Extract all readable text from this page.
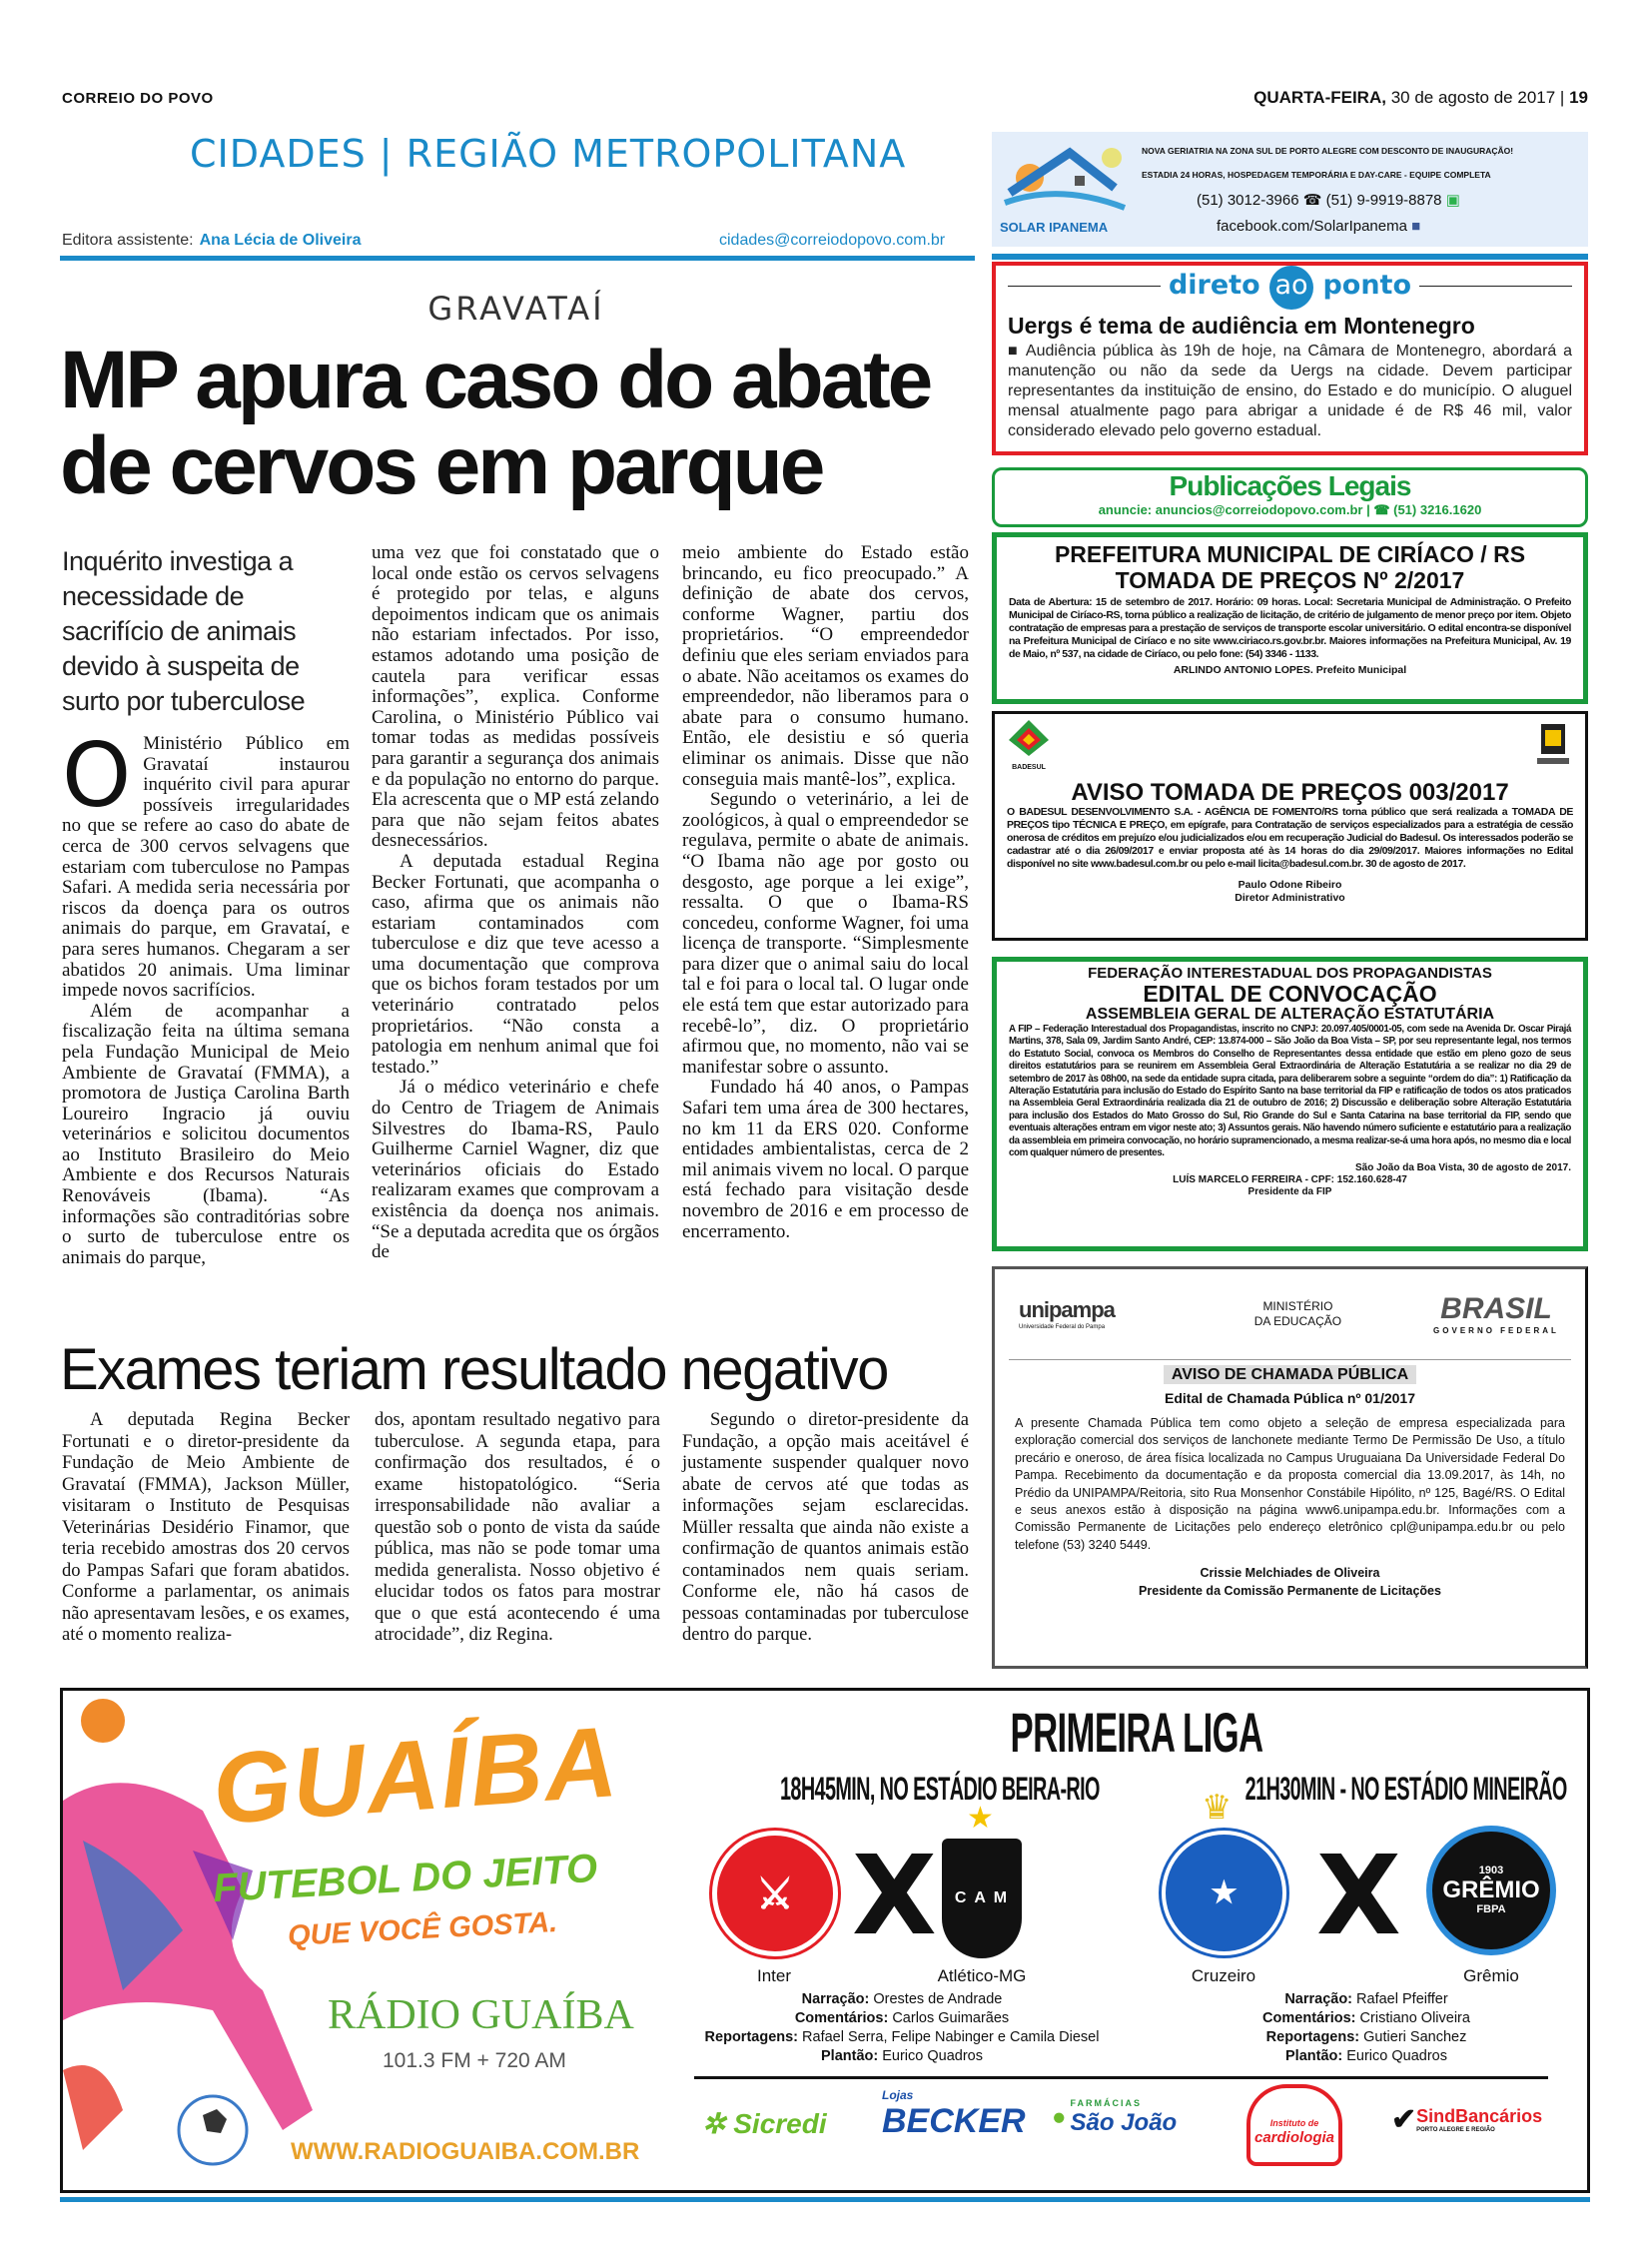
CORREIO DO POVO	QUARTA-FEIRA, 30 de agosto de 2017 | 19
CIDADES | REGIÃO METROPOLITANA
Editora assistente: Ana Lécia de Oliveira	cidades@correiodopovo.com.br
GRAVATAÍ
MP apura caso do abate
de cervos em parque
Inquérito investiga a necessidade de sacrifício de animais devido à suspeita de surto por tuberculose

O Ministério Público em Gravataí instaurou inquérito civil para apurar possíveis irregularidades no que se refere ao caso do abate de cerca de 300 cervos selvagens que estariam com tuberculose no Pampas Safari. A medida seria necessária por riscos da doença para os outros animais do parque, em Gravataí, e para seres humanos. Chegaram a ser abatidos 20 animais. Uma liminar impede novos sacrifícios.

Além de acompanhar a fiscalização feita na última semana pela Fundação Municipal de Meio Ambiente de Gravataí (FMMA), a promotora de Justiça Carolina Barth Loureiro Ingracio já ouviu veterinários e solicitou documentos ao Instituto Brasileiro do Meio Ambiente e dos Recursos Naturais Renováveis (Ibama). “As informações são contraditórias sobre o surto de tuberculose entre os animais do parque,

uma vez que foi constatado que o local onde estão os cervos selvagens é protegido por telas, e alguns depoimentos indicam que os animais não estariam infectados. Por isso, estamos adotando uma posição de cautela para verificar essas informações”, explica. Conforme Carolina, o Ministério Público vai tomar todas as medidas possíveis para garantir a segurança dos animais e da população no entorno do parque. Ela acrescenta que o MP está zelando para que não sejam feitos abates desnecessários.

A deputada estadual Regina Becker Fortunati, que acompanha o caso, afirma que os animais não estariam contaminados com tuberculose e diz que teve acesso a uma documentação que comprova que os bichos foram testados por um veterinário contratado pelos proprietários. “Não consta a patologia em nenhum animal que foi testado.”

Já o médico veterinário e chefe do Centro de Triagem de Animais Silvestres do Ibama-RS, Paulo Guilherme Carniel Wagner, diz que veterinários oficiais do Estado realizaram exames que comprovam a existência da doença nos animais. “Se a deputada acredita que os órgãos de

meio ambiente do Estado estão brincando, eu fico preocupado.” A definição de abate dos cervos, conforme Wagner, partiu dos proprietários. “O empreendedor definiu que eles seriam enviados para o abate. Não aceitamos os exames do empreendedor, não liberamos para o abate para o consumo humano. Então, ele desistiu e só queria eliminar os animais. Disse que não conseguia mais mantê-los”, explica.

Segundo o veterinário, a lei de zoológicos, à qual o empreendedor se regulava, permite o abate de animais. “O Ibama não age por gosto ou desgosto, age porque a lei exige”, ressalta. O que o Ibama-RS concedeu, conforme Wagner, foi uma licença de transporte. “Simplesmente para dizer que o animal saiu do local tal e foi para o local tal. O lugar onde ele está tem que estar autorizado para recebê-lo”, diz. O proprietário afirmou que, no momento, não vai se manifestar sobre o assunto.

Fundado há 40 anos, o Pampas Safari tem uma área de 300 hectares, no km 11 da ERS 020. Conforme entidades ambientalistas, cerca de 2 mil animais vivem no local. O parque está fechado para visitação desde novembro de 2016 e em processo de encerramento.

Exames teriam resultado negativo

A deputada Regina Becker Fortunati e o diretor-presidente da Fundação de Meio Ambiente de Gravataí (FMMA), Jackson Müller, visitaram o Instituto de Pesquisas Veterinárias Desidério Finamor, que teria recebido amostras dos 20 cervos do Pampas Safari que foram abatidos. Conforme a parlamentar, os animais não apresentavam lesões, e os exames, até o momento realiza-

dos, apontam resultado negativo para tuberculose. A segunda etapa, para confirmação dos resultados, é o exame histopatológico. “Seria irresponsabilidade não avaliar a questão sob o ponto de vista da saúde pública, mas não se pode tomar uma medida generalista. Nosso objetivo é elucidar todos os fatos para mostrar que o que está acontecendo é uma atrocidade”, diz Regina.

Segundo o diretor-presidente da Fundação, a opção mais aceitável é justamente suspender qualquer novo abate de cervos até que todas as informações sejam esclarecidas. Müller ressalta que ainda não existe a confirmação de quantos animais estão contaminados nem quais seriam. Conforme ele, não há casos de pessoas contaminadas por tuberculose dentro do parque.

SOLAR IPANEMA
NOVA GERIATRIA NA ZONA SUL DE PORTO ALEGRE COM DESCONTO DE INAUGURAÇÃO!
ESTADIA 24 HORAS, HOSPEDAGEM TEMPORÁRIA E DAY-CARE - EQUIPE COMPLETA
(51) 3012-3966 ☎ (51) 9-9919-8878 ▣
facebook.com/SolarIpanema ■
direto ao ponto
Uergs é tema de audiência em Montenegro
■ Audiência pública às 19h de hoje, na Câmara de Montenegro, abordará a manutenção ou não da sede da Uergs na cidade. Devem participar representantes da instituição de ensino, do Estado e do município. O aluguel mensal atualmente pago para abrigar a unidade é de R$ 46 mil, valor considerado elevado pelo governo estadual.
Publicações Legais
anuncie: anuncios@correiodopovo.com.br | ☎ (51) 3216.1620
PREFEITURA MUNICIPAL DE CIRÍACO / RS
TOMADA DE PREÇOS Nº 2/2017
Data de Abertura: 15 de setembro de 2017. Horário: 09 horas. Local: Secretaria Municipal de Administração. O Prefeito Municipal de Ciríaco-RS, torna público a realização de licitação, de critério de julgamento de menor preço por item. Objeto contratação de empresas para a prestação de serviços de transporte escolar universitário. O edital encontra-se disponível na Prefeitura Municipal de Ciríaco e no site www.ciriaco.rs.gov.br.br. Maiores informações na Prefeitura Municipal, Av. 19 de Maio, nº 537, na cidade de Ciríaco, ou pelo fone: (54) 3346 - 1133.
ARLINDO ANTONIO LOPES. Prefeito Municipal
BADESUL
AVISO TOMADA DE PREÇOS 003/2017
O BADESUL DESENVOLVIMENTO S.A. - AGÊNCIA DE FOMENTO/RS torna público que será realizada a TOMADA DE PREÇOS tipo TÉCNICA E PREÇO, em epígrafe, para Contratação de serviços especializados para a estratégia de cessão onerosa de créditos em prejuízo e/ou judicializados e/ou em recuperação Judicial do Badesul. Os interessados poderão se cadastrar até o dia 26/09/2017 e enviar proposta até às 14 horas do dia 29/09/2017. Maiores informações no Edital disponível no site www.badesul.com.br ou pelo e-mail licita@badesul.com.br. 30 de agosto de 2017.
Paulo Odone Ribeiro
Diretor Administrativo
FEDERAÇÃO INTERESTADUAL DOS PROPAGANDISTAS
EDITAL DE CONVOCAÇÃO
ASSEMBLEIA GERAL DE ALTERAÇÃO ESTATUTÁRIA
A FIP – Federação Interestadual dos Propagandistas, inscrito no CNPJ: 20.097.405/0001-05, com sede na Avenida Dr. Oscar Pirajá Martins, 378, Sala 09, Jardim Santo André, CEP: 13.874-000 – São João da Boa Vista – SP, por seu representante legal, nos termos do Estatuto Social, convoca os Membros do Conselho de Representantes dessa entidade que estão em pleno gozo de seus direitos estatutários para se reunirem em Assembleia Geral Extraordinária de Alteração Estatutária a se realizar no dia 29 de setembro de 2017 às 08h00, na sede da entidade supra citada, para deliberarem sobre a seguinte “ordem do dia”: 1) Ratificação da Alteração Estatutária para inclusão do Estado do Espírito Santo na base territorial da FIP e ratificação de todos os atos praticados na Assembleia Geral Extraordinária realizada dia 21 de outubro de 2016; 2) Discussão e deliberação sobre Alteração Estatutária para inclusão dos Estados do Mato Grosso do Sul, Rio Grande do Sul e Santa Catarina na base territorial da FIP, sendo que eventuais alterações entram em vigor neste ato; 3) Assuntos gerais. Não havendo número suficiente e estatutário para a realização da assembleia em primeira convocação, no horário supramencionado, a mesma realizar-se-á uma hora após, no mesmo dia e local com qualquer número de presentes.
São João da Boa Vista, 30 de agosto de 2017.
LUÍS MARCELO FERREIRA - CPF: 152.160.628-47
Presidente da FIP
unipampa
Universidade Federal do Pampa
MINISTÉRIO DA EDUCAÇÃO	BRASIL
GOVERNO FEDERAL
AVISO DE CHAMADA PÚBLICA
Edital de Chamada Pública nº 01/2017
A presente Chamada Pública tem como objeto a seleção de empresa especializada para exploração comercial dos serviços de lanchonete mediante Termo De Permissão De Uso, a título precário e oneroso, de área física localizada no Campus Uruguaiana Da Universidade Federal Do Pampa. Recebimento da documentação e da proposta comercial dia 13.09.2017, às 14h, no Prédio da UNIPAMPA/Reitoria, sito Rua Monsenhor Constábile Hipólito, nº 125, Bagé/RS. O Edital e seus anexos estão à disposição na página www6.unipampa.edu.br. Informações com a Comissão Permanente de Licitações pelo endereço eletrônico cpl@unipampa.edu.br ou pelo telefone (53) 3240 5449.
Crissie Melchiades de Oliveira
Presidente da Comissão Permanente de Licitações
GUAÍBA
FUTEBOL DO JEITO
QUE VOCÊ GOSTA.
RÁDIO GUAÍBA
101.3 FM + 720 AM
WWW.RADIOGUAIBA.COM.BR
PRIMEIRA LIGA
18H45MIN, NO ESTÁDIO BEIRA-RIO	21H30MIN - NO ESTÁDIO MINEIRÃO
⚔ X
★
C A M
♛
★ X	1903
GRÊMIO
FBPA
Inter	Atlético-MG	Cruzeiro	Grêmio
Narração: Orestes de Andrade
Comentários: Carlos Guimarães
Reportagens: Rafael Serra, Felipe Nabinger e Camila Diesel
Plantão: Eurico Quadros
Narração: Rafael Pfeiffer
Comentários: Cristiano Oliveira
Reportagens: Gutieri Sanchez
Plantão: Eurico Quadros
✲ Sicredi
Lojas
BECKER ●
FARMÁCIAS
São João	Instituto de
cardiologia
✔ SindBancários
PORTO ALEGRE E REGIÃO
